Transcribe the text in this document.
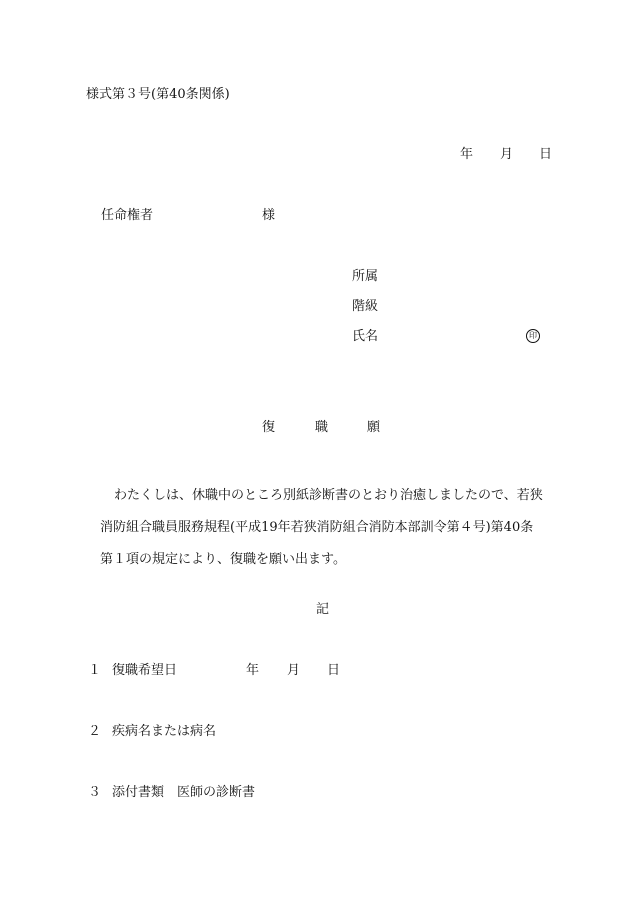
様式第３号(第40条関係)
年 月 日
任命権者	様
所属
階級
氏名	印
復	職	願

わたくしは、休職中のところ別紙診断書のとおり治癒しましたので、若狭

消防組合職員服務規程(平成19年若狭消防組合消防本部訓令第４号)第40条

第１項の規定により、復職を願い出ます。

記
１ 復職希望日	年 月 日
２ 疾病名または病名
３ 添付書類　医師の診断書
